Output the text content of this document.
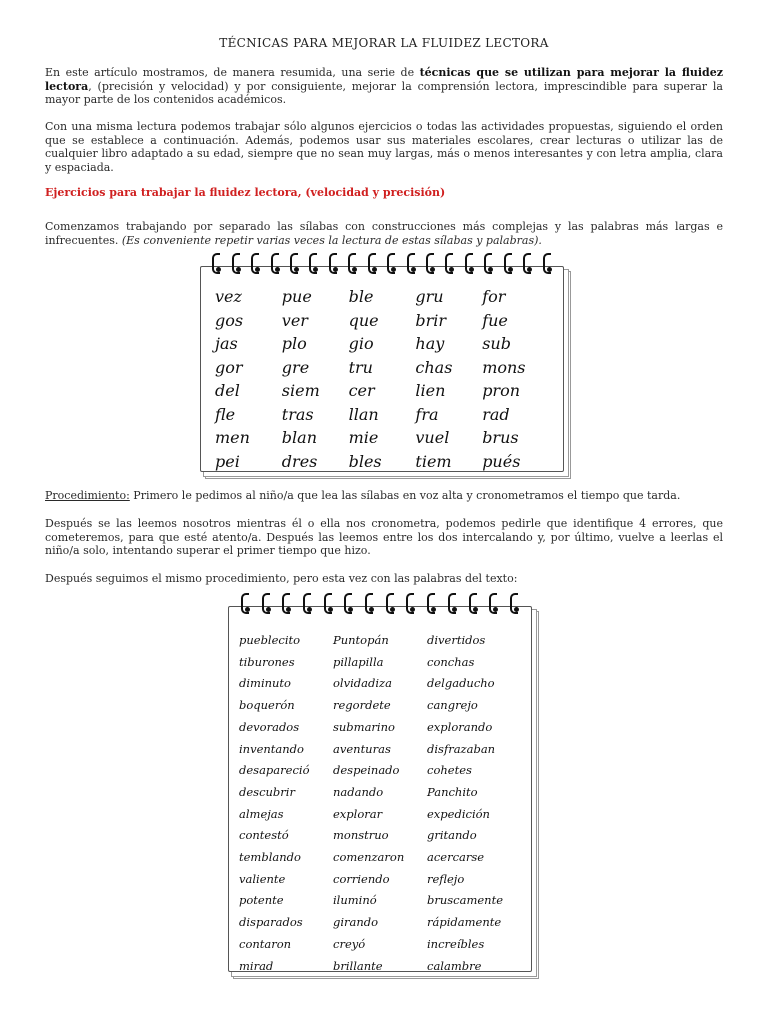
TÉCNICAS PARA MEJORAR LA FLUIDEZ LECTORA
En este artículo mostramos, de manera resumida, una serie de técnicas que se utilizan para mejorar la fluidez lectora, (precisión y velocidad) y por consiguiente, mejorar la comprensión lectora, imprescindible para superar la mayor parte de los contenidos académicos.
Con una misma lectura podemos trabajar sólo algunos ejercicios o todas las actividades propuestas, siguiendo el orden que se establece a continuación. Además, podemos usar sus materiales escolares, crear lecturas o utilizar las de cualquier libro adaptado a su edad, siempre que no sean muy largas, más o menos interesantes y con letra amplia, clara y espaciada.
Ejercicios para trabajar la fluidez lectora, (velocidad y precisión)
Comenzamos trabajando por separado las sílabas con construcciones más complejas y las palabras más largas e infrecuentes. (Es conveniente repetir varias veces la lectura de estas sílabas y palabras).
vez	pue	ble	gru	for
gos	ver	que	brir	fue
jas	plo	gio	hay	sub
gor	gre	tru	chas	mons
del	siem	cer	lien	pron
fle	tras	llan	fra	rad
men	blan	mie	vuel	brus
pei	dres	bles	tiem	pués
Procedimiento: Primero le pedimos al niño/a que lea las sílabas en voz alta y cronometramos el tiempo que tarda.
Después se las leemos nosotros mientras él o ella nos cronometra, podemos pedirle que identifique 4 errores, que cometeremos, para que esté atento/a. Después las leemos entre los dos intercalando y, por último, vuelve a leerlas el niño/a solo, intentando superar el primer tiempo que hizo.
Después seguimos el mismo procedimiento, pero esta vez con las palabras del texto:
pueblecito	Puntopán	divertidos
tiburones	pillapilla	conchas
diminuto	olvidadiza	delgaducho
boquerón	regordete	cangrejo
devorados	submarino	explorando
inventando	aventuras	disfrazaban
desapareció	despeinado	cohetes
descubrir	nadando	Panchito
almejas	explorar	expedición
contestó	monstruo	gritando
temblando	comenzaron	acercarse
valiente	corriendo	reflejo
potente	iluminó	bruscamente
disparados	girando	rápidamente
contaron	creyó	increíbles
mirad	brillante	calambre
